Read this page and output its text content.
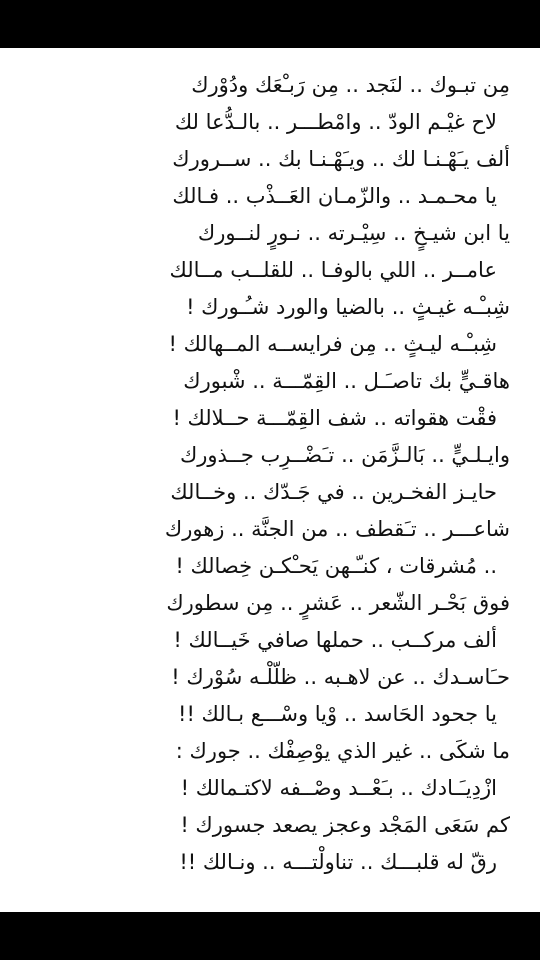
مِن تبـوك .. لنَجد .. مِن رَبـْعَك ودُوْرك
لاح غيْـم الودّ .. وامْطـــر .. بالـدُّعا لك
ألف يـَهْـنـا لك .. ويـَهْـنـا بك .. ســرورك
يا محـمـد .. والزّمـان العَــذْب .. فـالك
يا ابن شيـخٍ .. سِيْـرته .. نـورٍ لنــورك
عامــر .. اللي بالوفـا .. للقلــب مــالك
شِبـْـه غيـثٍ .. بالضيا والورد شـُـورك !
شِبـْـه ليـثٍ .. مِن فرايســه المــهالك !
هاقـيٍّ بك تاصـَـل .. القِمّـــة .. شْبورك
فقْت هقواته .. شف القِمّـــة حــلالك !
وايـلـيٍّ .. بَالـزَّمَن .. تـَضْــرِب جــذورك
حايـز الفخـرين .. في جَـدّك .. وخــالك
شاعـــر .. تـَقطف .. من الجنَّة .. زهورك
.. مُشرقات ، كنـّـهن يَحـْكـن خِصالك !
فوق بَحْـر الشّعر .. عَشرٍ .. مِن سطورك
ألف مركــب .. حملها صافي خَيــالك !
حـَاسـدك .. عن لاهـبه .. ظلّلْـه سُوْرك !
يا جحود الحَاسد .. وْيا وسْـــع بـالك !!
ما شكَى .. غير الذي يوْصِفْك .. جورك :
ازْدِيـَـادك .. بـَعْــد وصْــفه لاكتـمالك !
كم سَعَى المَجْد وعجز يصعد جسورك !
رقّ له قلبـــك .. تناولْتـــه .. ونـالك !!
